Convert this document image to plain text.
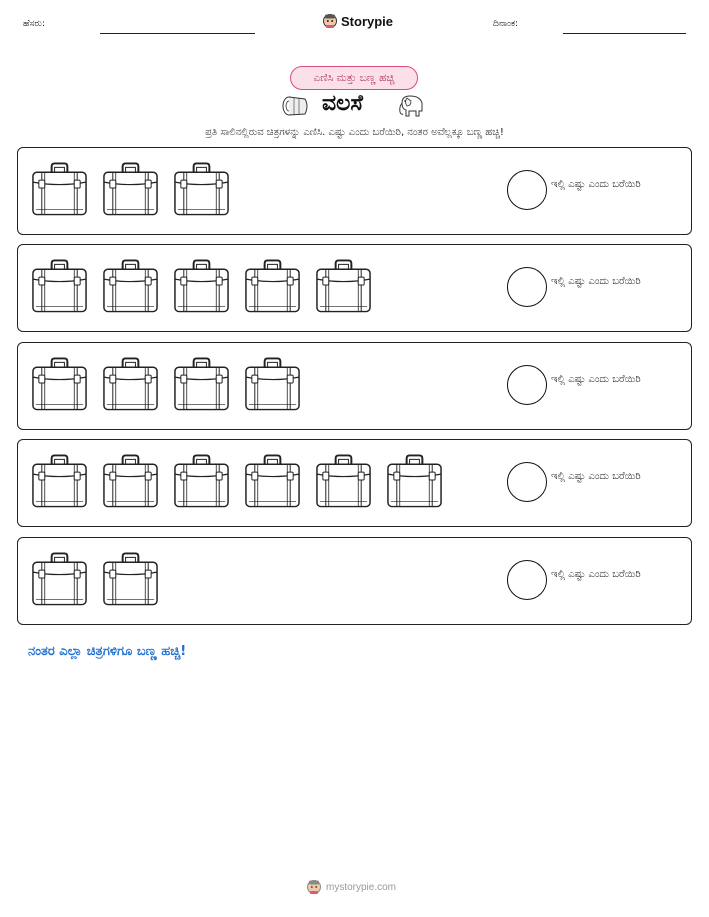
ಹೆಸರು:	Storypie	ದಿನಾಂಕ:
ಎಣಿಸಿ ಮತ್ತು ಬಣ್ಣ ಹಚ್ಚಿ
ವಲಸೆ
ಪ್ರತಿ ಸಾಲಿನಲ್ಲಿರುವ ಚಿತ್ರಗಳನ್ನು ಎಣಿಸಿ. ಎಷ್ಟು ಎಂದು ಬರೆಯಿರಿ, ನಂತರ ಅವೆಲ್ಲಕ್ಕೂ ಬಣ್ಣ ಹಚ್ಚಿ!
ಇಲ್ಲಿ ಎಷ್ಟು ಎಂದು ಬರೆಯಿರಿ
ಇಲ್ಲಿ ಎಷ್ಟು ಎಂದು ಬರೆಯಿರಿ
ಇಲ್ಲಿ ಎಷ್ಟು ಎಂದು ಬರೆಯಿರಿ
ಇಲ್ಲಿ ಎಷ್ಟು ಎಂದು ಬರೆಯಿರಿ
ಇಲ್ಲಿ ಎಷ್ಟು ಎಂದು ಬರೆಯಿರಿ
ನಂತರ ಎಲ್ಲಾ ಚಿತ್ರಗಳಿಗೂ ಬಣ್ಣ ಹಚ್ಚಿ!
mystorypie.com
